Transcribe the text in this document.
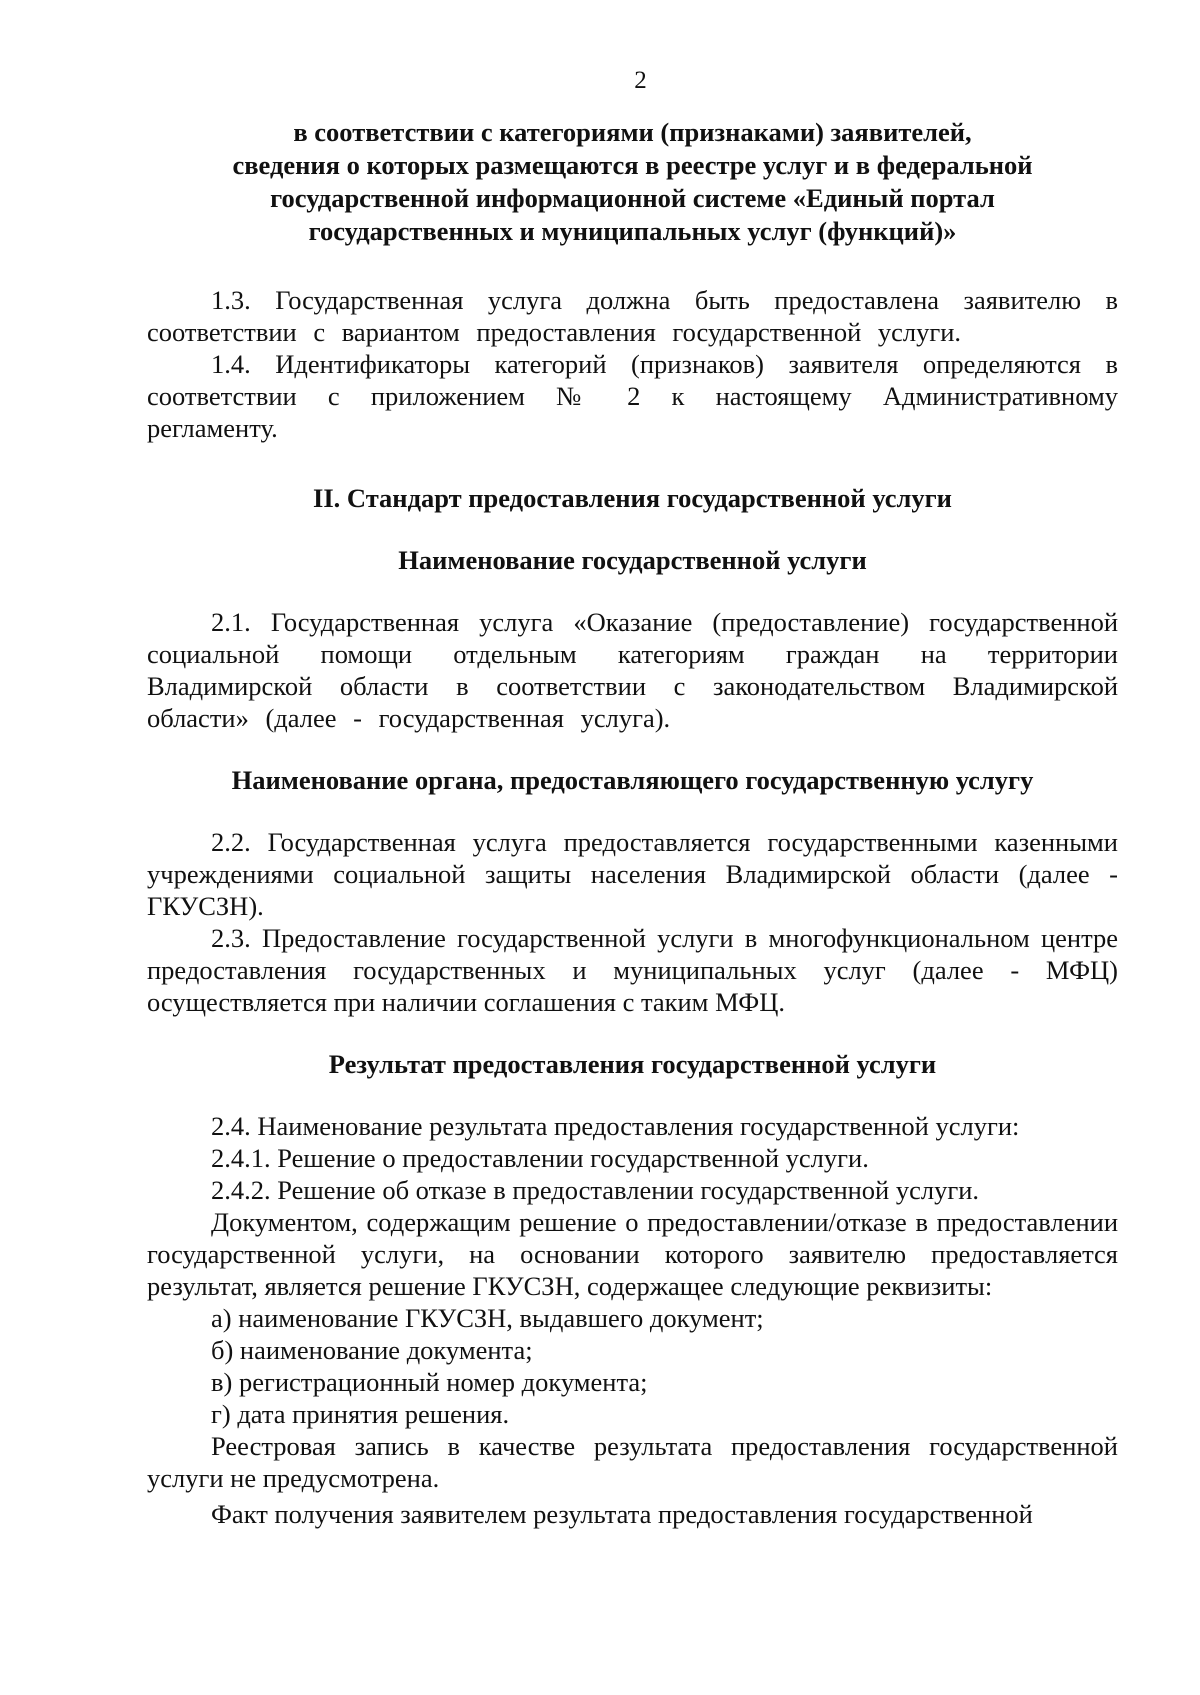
2
в соответствии с категориями (признаками) заявителей,
сведения о которых размещаются в реестре услуг и в федеральной
государственной информационной системе «Единый портал
государственных и муниципальных услуг (функций)»

1.3. Государственная услуга должна быть предоставлена заявителю в соответствии с вариантом предоставления государственной услуги.

1.4. Идентификаторы категорий (признаков) заявителя определяются в соответствии с приложением № 2 к настоящему Административному регламенту.

II. Стандарт предоставления государственной услуги
Наименование государственной услуги

2.1. Государственная услуга «Оказание (предоставление) государственной социальной помощи отдельным категориям граждан на территории Владимирской области в соответствии с законодательством Владимирской области» (далее - государственная услуга).

Наименование органа, предоставляющего государственную услугу

2.2. Государственная услуга предоставляется государственными казенными учреждениями социальной защиты населения Владимирской области (далее - ГКУСЗН).

2.3. Предоставление государственной услуги в многофункциональном центре предоставления государственных и муниципальных услуг (далее - МФЦ) осуществляется при наличии соглашения с таким МФЦ.

Результат предоставления государственной услуги

2.4. Наименование результата предоставления государственной услуги:

2.4.1. Решение о предоставлении государственной услуги.

2.4.2. Решение об отказе в предоставлении государственной услуги.

Документом, содержащим решение о предоставлении/отказе в предоставлении государственной услуги, на основании которого заявителю предоставляется результат, является решение ГКУСЗН, содержащее следующие реквизиты:

а) наименование ГКУСЗН, выдавшего документ;

б) наименование документа;

в) регистрационный номер документа;

г) дата принятия решения.

Реестровая запись в качестве результата предоставления государственной услуги не предусмотрена.

Факт получения заявителем результата предоставления государственной
